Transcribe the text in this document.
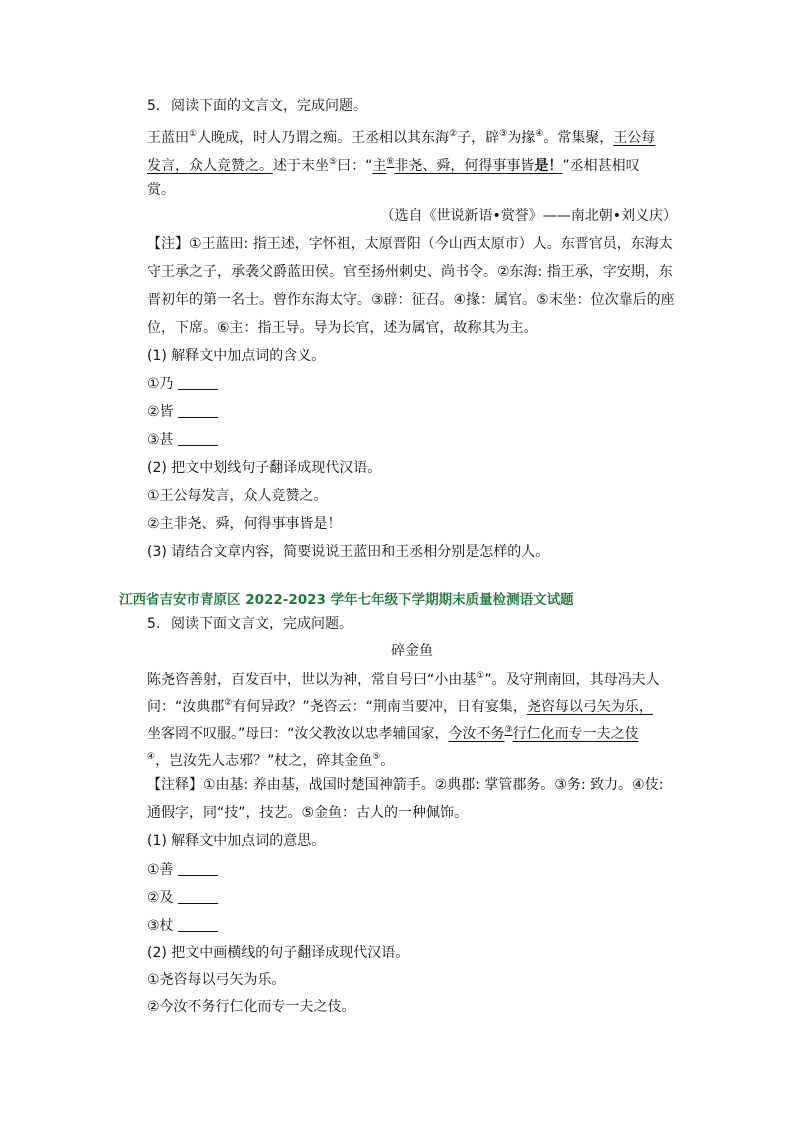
5. 阅读下面的文言文，完成问题。
王蓝田①人晚成，时人乃谓之痴。王丞相以其东海②子，辟③为掾④。常集聚，王公每
发言，众人竞赞之。述于末坐⑤曰：“主⑥非尧、舜，何得事事皆是！”丞相甚相叹
赏。
（选自《世说新语•赏誉》——南北朝•刘义庆）
【注】①王蓝田: 指王述，字怀祖，太原晋阳（今山西太原市）人。东晋官员，东海太
守王承之子，承袭父爵蓝田侯。官至扬州刺史、尚书令。②东海: 指王承，字安期，东
晋初年的第一名士。曾作东海太守。③辟：征召。④掾：属官。⑤末坐：位次靠后的座
位，下席。⑥主：指王导。导为长官，述为属官，故称其为主。
(1) 解释文中加点词的含义。
①乃
②皆
③甚
(2) 把文中划线句子翻译成现代汉语。
①王公每发言，众人竞赞之。
②主非尧、舜，何得事事皆是！
(3) 请结合文章内容，简要说说王蓝田和王丞相分别是怎样的人。
江西省吉安市青原区 2022-2023 学年七年级下学期期末质量检测语文试题
5. 阅读下面文言文，完成问题。
碎金鱼
陈尧咨善射，百发百中，世以为神，常自号曰“小由基①”。及守荆南回，其母冯夫人
问：“汝典郡②有何异政？”尧咨云：“荆南当要冲，日有宴集，尧咨每以弓矢为乐，
坐客罔不叹服。”母曰：“汝父教汝以忠孝辅国家，今汝不务③行仁化而专一夫之伎
④，岂汝先人志邪？”杖之，碎其金鱼⑤。
【注释】①由基: 养由基，战国时楚国神箭手。②典郡: 掌管郡务。③务: 致力。④伎:
通假字，同“技”，技艺。⑤金鱼：古人的一种佩饰。
(1) 解释文中加点词的意思。
①善
②及
③杖
(2) 把文中画横线的句子翻译成现代汉语。
①尧咨每以弓矢为乐。
②今汝不务行仁化而专一夫之伎。
